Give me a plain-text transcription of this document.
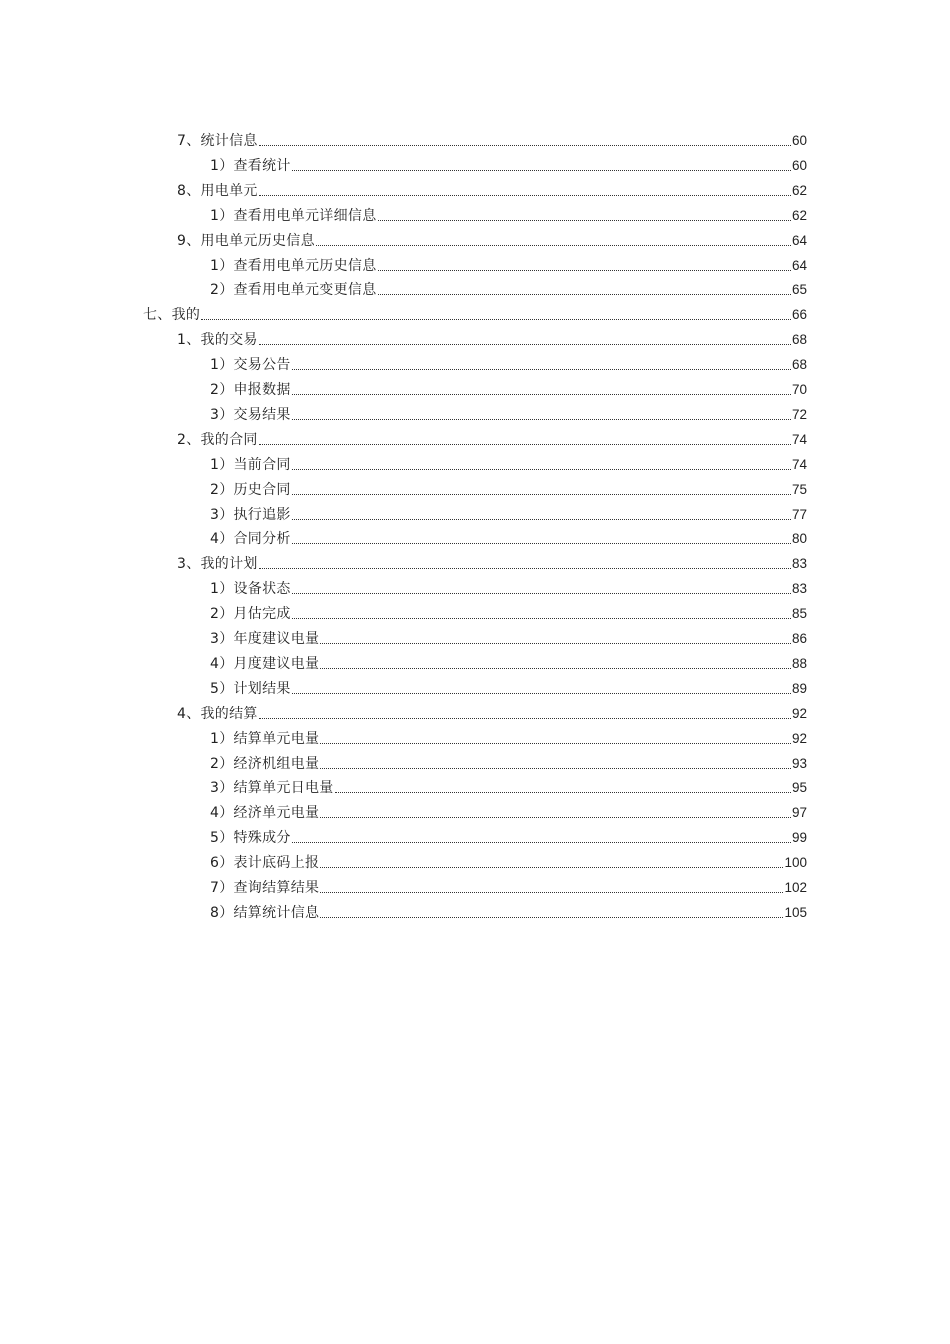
7、统计信息	60
1）查看统计	60
8、用电单元	62
1）查看用电单元详细信息	62
9、用电单元历史信息	64
1）查看用电单元历史信息	64
2）查看用电单元变更信息	65
七、我的	66
1、我的交易	68
1）交易公告	68
2）申报数据	70
3）交易结果	72
2、我的合同	74
1）当前合同	74
2）历史合同	75
3）执行追影	77
4）合同分析	80
3、我的计划	83
1）设备状态	83
2）月估完成	85
3）年度建议电量	86
4）月度建议电量	88
5）计划结果	89
4、我的结算	92
1）结算单元电量	92
2）经济机组电量	93
3）结算单元日电量	95
4）经济单元电量	97
5）特殊成分	99
6）表计底码上报	100
7）查询结算结果	102
8）结算统计信息	105
